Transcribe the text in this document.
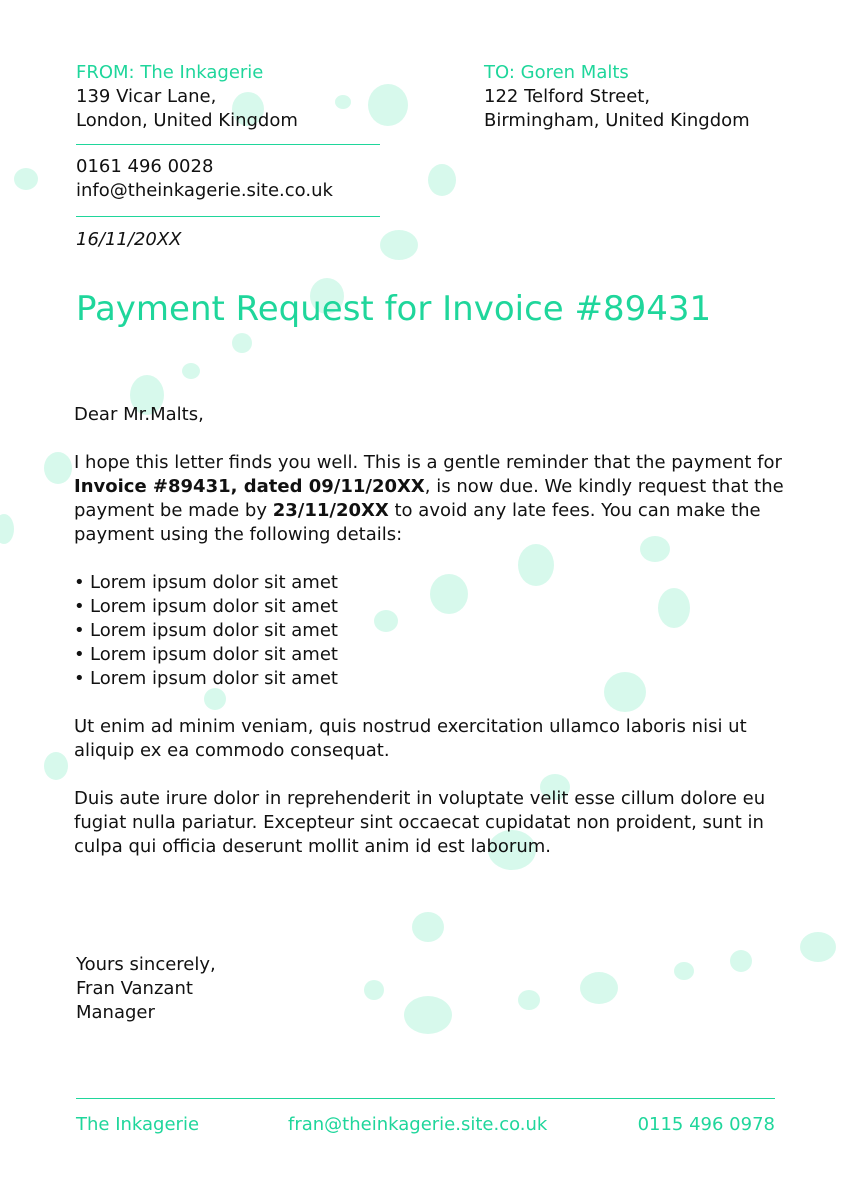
FROM: The Inkagerie
139 Vicar Lane,
London, United Kingdom
TO: Goren Malts
122 Telford Street,
Birmingham, United Kingdom
0161 496 0028
info@theinkagerie.site.co.uk
16/11/20XX
Payment Request for Invoice #89431

Dear Mr.Malts,

I hope this letter finds you well. This is a gentle reminder that the payment for Invoice #89431, dated 09/11/20XX, is now due. We kindly request that the payment be made by 23/11/20XX to avoid any late fees. You can make the payment using the following details:

• Lorem ipsum dolor sit amet
• Lorem ipsum dolor sit amet
• Lorem ipsum dolor sit amet
• Lorem ipsum dolor sit amet
• Lorem ipsum dolor sit amet

Ut enim ad minim veniam, quis nostrud exercitation ullamco laboris nisi ut aliquip ex ea commodo consequat.

Duis aute irure dolor in reprehenderit in voluptate velit esse cillum dolore eu fugiat nulla pariatur. Excepteur sint occaecat cupidatat non proident, sunt in culpa qui officia deserunt mollit anim id est laborum.

Yours sincerely,
Fran Vanzant
Manager
The Inkagerie	fran@theinkagerie.site.co.uk	0115 496 0978
